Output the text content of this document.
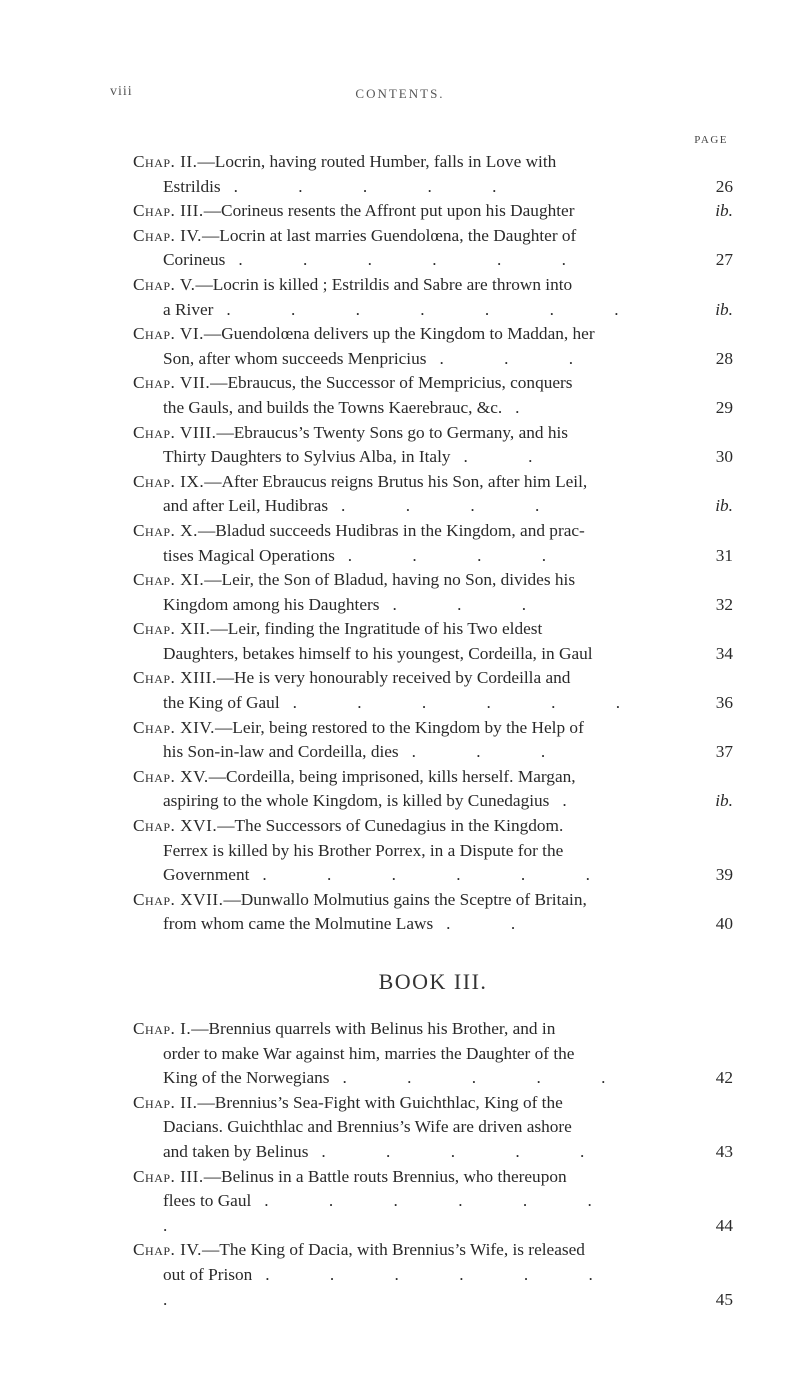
viii	CONTENTS.
PAGE
Chap. II.—Locrin, having routed Humber, falls in Love with
Estrildis . . . . .	26
Chap. III.—Corineus resents the Affront put upon his Daughter	ib.
Chap. IV.—Locrin at last marries Guendolœna, the Daughter of
Corineus . . . . . .	27
Chap. V.—Locrin is killed ; Estrildis and Sabre are thrown into
a River . . . . . . .	ib.
Chap. VI.—Guendolœna delivers up the Kingdom to Maddan, her
Son, after whom succeeds Menpricius . . .	28
Chap. VII.—Ebraucus, the Successor of Mempricius, conquers
the Gauls, and builds the Towns Kaerebrauc, &c. .	29
Chap. VIII.—Ebraucus’s Twenty Sons go to Germany, and his
Thirty Daughters to Sylvius Alba, in Italy . .	30
Chap. IX.—After Ebraucus reigns Brutus his Son, after him Leil,
and after Leil, Hudibras . . . .	ib.
Chap. X.—Bladud succeeds Hudibras in the Kingdom, and prac-
tises Magical Operations . . . .	31
Chap. XI.—Leir, the Son of Bladud, having no Son, divides his
Kingdom among his Daughters . . .	32
Chap. XII.—Leir, finding the Ingratitude of his Two eldest
Daughters, betakes himself to his youngest, Cordeilla, in Gaul	34
Chap. XIII.—He is very honourably received by Cordeilla and
the King of Gaul . . . . . .	36
Chap. XIV.—Leir, being restored to the Kingdom by the Help of
his Son-in-law and Cordeilla, dies . . .	37
Chap. XV.—Cordeilla, being imprisoned, kills herself. Margan,
aspiring to the whole Kingdom, is killed by Cunedagius .	ib.
Chap. XVI.—The Successors of Cunedagius in the Kingdom.
Ferrex is killed by his Brother Porrex, in a Dispute for the
Government . . . . . .	39
Chap. XVII.—Dunwallo Molmutius gains the Sceptre of Britain,
from whom came the Molmutine Laws . .	40
BOOK III.
Chap. I.—Brennius quarrels with Belinus his Brother, and in
order to make War against him, marries the Daughter of the
King of the Norwegians . . . . .	42
Chap. II.—Brennius’s Sea-Fight with Guichthlac, King of the
Dacians. Guichthlac and Brennius’s Wife are driven ashore
and taken by Belinus . . . . .	43
Chap. III.—Belinus in a Battle routs Brennius, who thereupon
flees to Gaul . . . . . . .	44
Chap. IV.—The King of Dacia, with Brennius’s Wife, is released
out of Prison . . . . . . .	45
